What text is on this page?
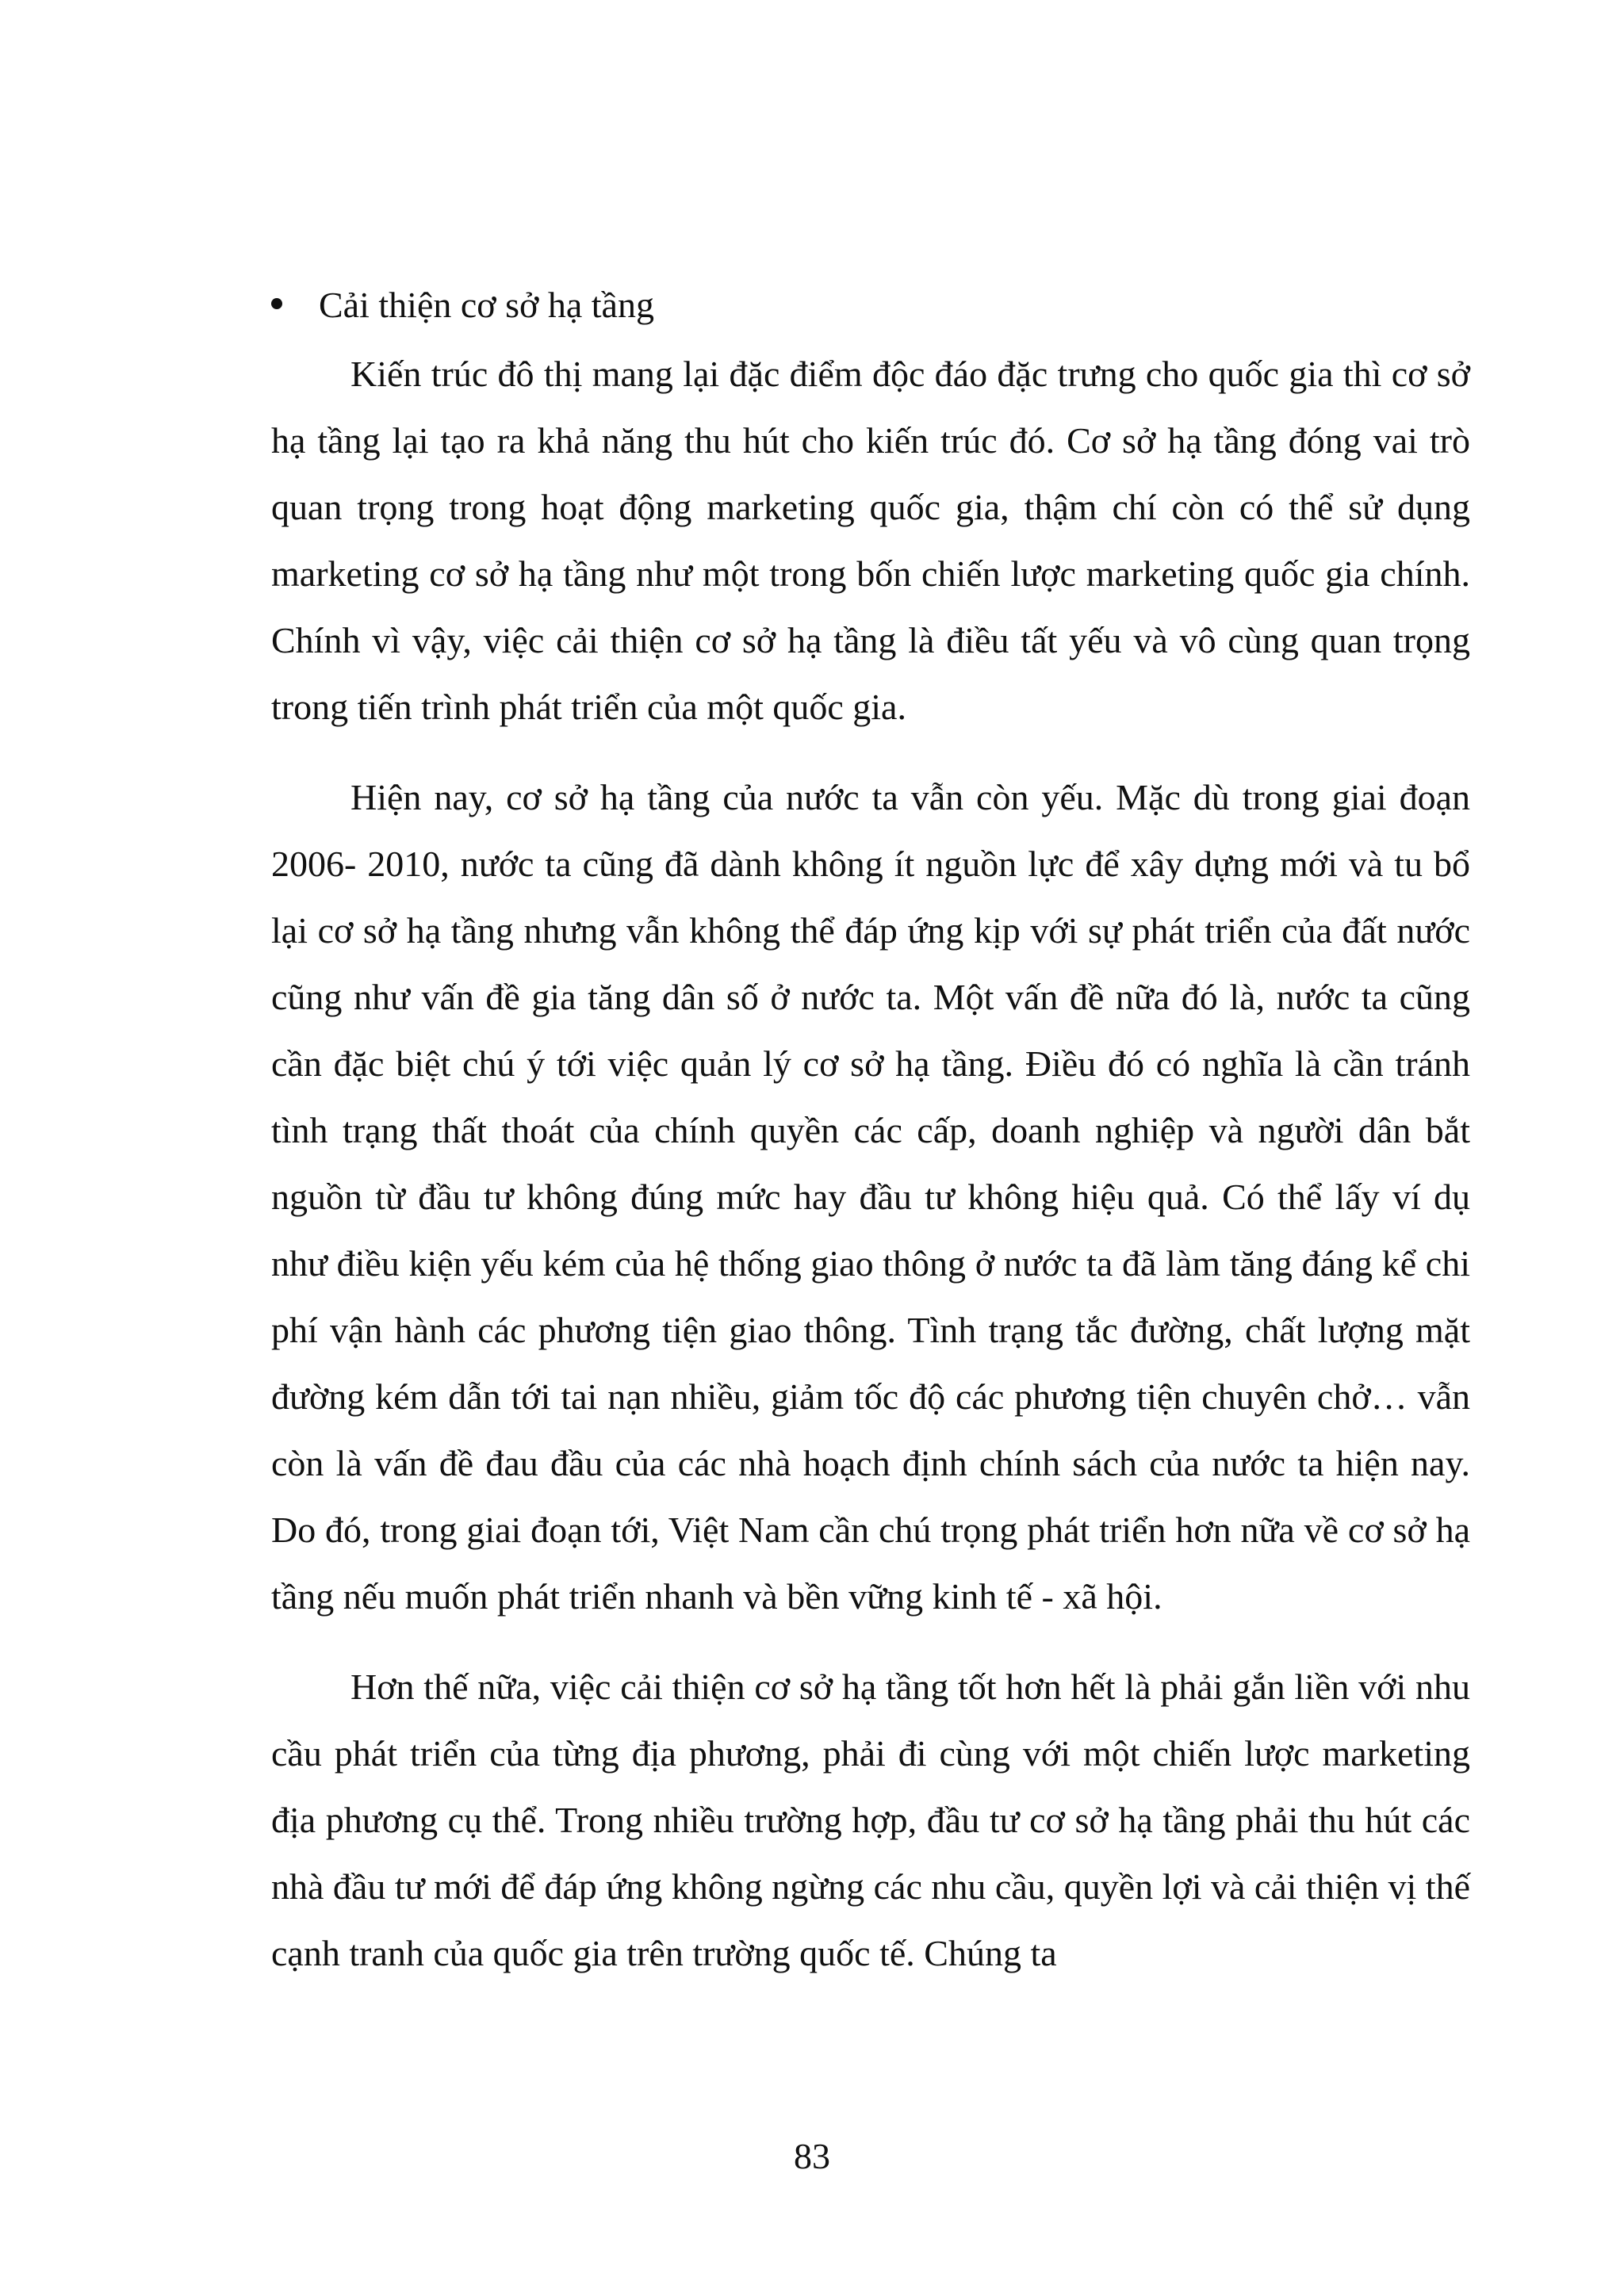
Cải thiện cơ sở hạ tầng

Kiến trúc đô thị mang lại đặc điểm độc đáo đặc trưng cho quốc gia thì cơ sở hạ tầng lại tạo ra khả năng thu hút cho kiến trúc đó. Cơ sở hạ tầng đóng vai trò quan trọng trong hoạt động marketing quốc gia, thậm chí còn có thể sử dụng marketing cơ sở hạ tầng như một trong bốn chiến lược marketing quốc gia chính. Chính vì vậy, việc cải thiện cơ sở hạ tầng là điều tất yếu và vô cùng quan trọng trong tiến trình phát triển của một quốc gia.

Hiện nay, cơ sở hạ tầng của nước ta vẫn còn yếu. Mặc dù trong giai đoạn 2006- 2010, nước ta cũng đã dành không ít nguồn lực để xây dựng mới và tu bổ lại cơ sở hạ tầng nhưng vẫn không thể đáp ứng kịp với sự phát triển của đất nước cũng như vấn đề gia tăng dân số ở nước ta. Một vấn đề nữa đó là, nước ta cũng cần đặc biệt chú ý tới việc quản lý cơ sở hạ tầng. Điều đó có nghĩa là cần tránh tình trạng thất thoát của chính quyền các cấp, doanh nghiệp và người dân bắt nguồn từ đầu tư không đúng mức hay đầu tư không hiệu quả. Có thể lấy ví dụ như điều kiện yếu kém của hệ thống giao thông ở nước ta đã làm tăng đáng kể chi phí vận hành các phương tiện giao thông. Tình trạng tắc đường, chất lượng mặt đường kém dẫn tới tai nạn nhiều, giảm tốc độ các phương tiện chuyên chở… vẫn còn là vấn đề đau đầu của các nhà hoạch định chính sách của nước ta hiện nay. Do đó, trong giai đoạn tới, Việt Nam cần chú trọng phát triển hơn nữa về cơ sở hạ tầng nếu muốn phát triển nhanh và bền vững kinh tế - xã hội.

Hơn thế nữa, việc cải thiện cơ sở hạ tầng tốt hơn hết là phải gắn liền với nhu cầu phát triển của từng địa phương, phải đi cùng với một chiến lược marketing địa phương cụ thể. Trong nhiều trường hợp, đầu tư cơ sở hạ tầng phải thu hút các nhà đầu tư mới để đáp ứng không ngừng các nhu cầu, quyền lợi và cải thiện vị thế cạnh tranh của quốc gia trên trường quốc tế. Chúng ta

83
